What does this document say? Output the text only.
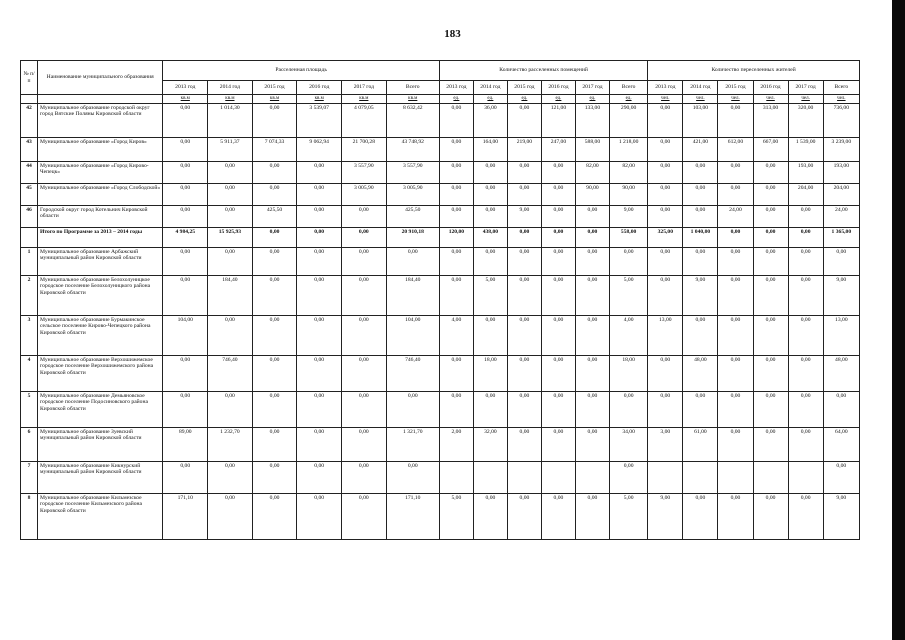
183
№ п/п	Наименование муниципального образования	Расселенная площадь						Количество расселенных помещений						Количество переселенных жителей					
		2013 год	2014 год	2015 год	2016 год	2017 год	Всего	2013 год	2014 год	2015 год	2016 год	2017 год	Всего	2013 год	2014 год	2015 год	2016 год	2017 год	Всего
		кв.м	кв.м	кв.м	кв.м	кв.м	кв.м	ед.	ед.	ед.	ед.	ед.	ед.	чел.	чел.	чел.	чел.	чел.	чел.
42	Муниципальное образование городской округ город Вятские Поляны Кировской области	0,00	1 014,30	0,00	3 539,07	4 079,05	8 632,42	0,00	36,00	0,00	121,00	133,00	290,00	0,00	103,00	0,00	313,00	320,00	736,00
43	Муниципальное образование «Город Киров»	0,00	5 911,37	7 074,33	9 062,94	21 700,28	43 748,92	0,00	164,00	219,00	247,00	588,00	1 218,00	0,00	421,00	612,00	667,00	1 539,00	3 239,00
44	Муниципальное образование «Город Кирово-Чепецк»	0,00	0,00	0,00	0,00	3 557,90	3 557,90	0,00	0,00	0,00	0,00	82,00	82,00	0,00	0,00	0,00	0,00	193,00	193,00
45	Муниципальное образование «Город Слободской»	0,00	0,00	0,00	0,00	3 005,90	3 005,90	0,00	0,00	0,00	0,00	90,00	90,00	0,00	0,00	0,00	0,00	204,00	204,00
46	Городской округ город Котельнич Кировской области	0,00	0,00	425,50	0,00	0,00	425,50	0,00	0,00	9,00	0,00	0,00	9,00	0,00	0,00	24,00	0,00	0,00	24,00
	Итого по Программе за 2013 – 2014 годы	4 984,25	15 925,93	0,00	0,00	0,00	20 910,18	120,00	438,00	0,00	0,00	0,00	558,00	325,00	1 040,00	0,00	0,00	0,00	1 365,00
1	Муниципальное образование Арбажский муниципальный район Кировской области	0,00	0,00	0,00	0,00	0,00	0,00	0,00	0,00	0,00	0,00	0,00	0,00	0,00	0,00	0,00	0,00	0,00	0,00
2	Муниципальное образование Белохолуницкое городское поселение Белохолуницкого района Кировской области	0,00	184,40	0,00	0,00	0,00	184,40	0,00	5,00	0,00	0,00	0,00	5,00	0,00	9,00	0,00	0,00	0,00	9,00
3	Муниципальное образование Бурмакинское сельское поселение Кирово-Чепецкого района Кировской области	104,00	0,00	0,00	0,00	0,00	104,00	4,00	0,00	0,00	0,00	0,00	4,00	13,00	0,00	0,00	0,00	0,00	13,00
4	Муниципальное образование Верхошижемское городское поселение Верхошижемского района Кировской области	0,00	746,40	0,00	0,00	0,00	746,40	0,00	18,00	0,00	0,00	0,00	18,00	0,00	48,00	0,00	0,00	0,00	48,00
5	Муниципальное образование Демьяновское городское поселение Подосиновского района Кировской области	0,00	0,00	0,00	0,00	0,00	0,00	0,00	0,00	0,00	0,00	0,00	0,00	0,00	0,00	0,00	0,00	0,00	0,00
6	Муниципальное образование Зуевский муниципальный район Кировской области	89,00	1 232,70	0,00	0,00	0,00	1 321,70	2,00	32,00	0,00	0,00	0,00	34,00	3,00	61,00	0,00	0,00	0,00	64,00
7	Муниципальное образование Кикнурский муниципальный район Кировской области	0,00	0,00	0,00	0,00	0,00	0,00						0,00						0,00
8	Муниципальное образование Кильмезское городское поселение Кильмезского района Кировской области	171,10	0,00	0,00	0,00	0,00	171,10	5,00	0,00	0,00	0,00	0,00	5,00	9,00	0,00	0,00	0,00	0,00	9,00
